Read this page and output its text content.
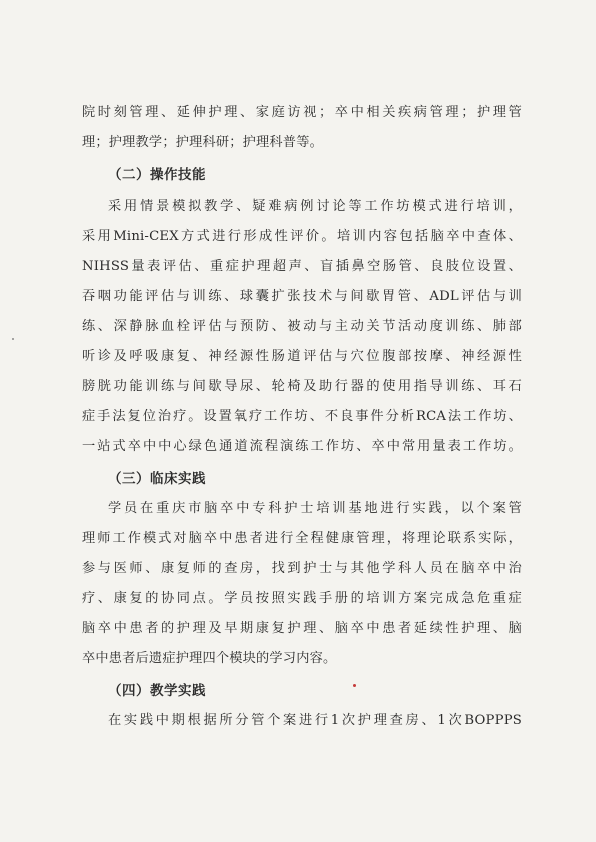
院时刻管理、延伸护理、家庭访视；卒中相关疾病管理；护理管
理；护理教学；护理科研；护理科普等。
（二）操作技能
采用情景模拟教学、疑难病例讨论等工作坊模式进行培训，
采用Mini-CEX方式进行形成性评价。培训内容包括脑卒中查体、
NIHSS量表评估、重症护理超声、盲插鼻空肠管、良肢位设置、
吞咽功能评估与训练、球囊扩张技术与间歇胃管、ADL评估与训
练、深静脉血栓评估与预防、被动与主动关节活动度训练、肺部
听诊及呼吸康复、神经源性肠道评估与穴位腹部按摩、神经源性
膀胱功能训练与间歇导尿、轮椅及助行器的使用指导训练、耳石
症手法复位治疗。设置氧疗工作坊、不良事件分析RCA法工作坊、
一站式卒中中心绿色通道流程演练工作坊、卒中常用量表工作坊。
（三）临床实践
学员在重庆市脑卒中专科护士培训基地进行实践，以个案管
理师工作模式对脑卒中患者进行全程健康管理，将理论联系实际，
参与医师、康复师的查房，找到护士与其他学科人员在脑卒中治
疗、康复的协同点。学员按照实践手册的培训方案完成急危重症
脑卒中患者的护理及早期康复护理、脑卒中患者延续性护理、脑
卒中患者后遗症护理四个模块的学习内容。
（四）教学实践
在实践中期根据所分管个案进行1次护理查房、1次BOPPPS
